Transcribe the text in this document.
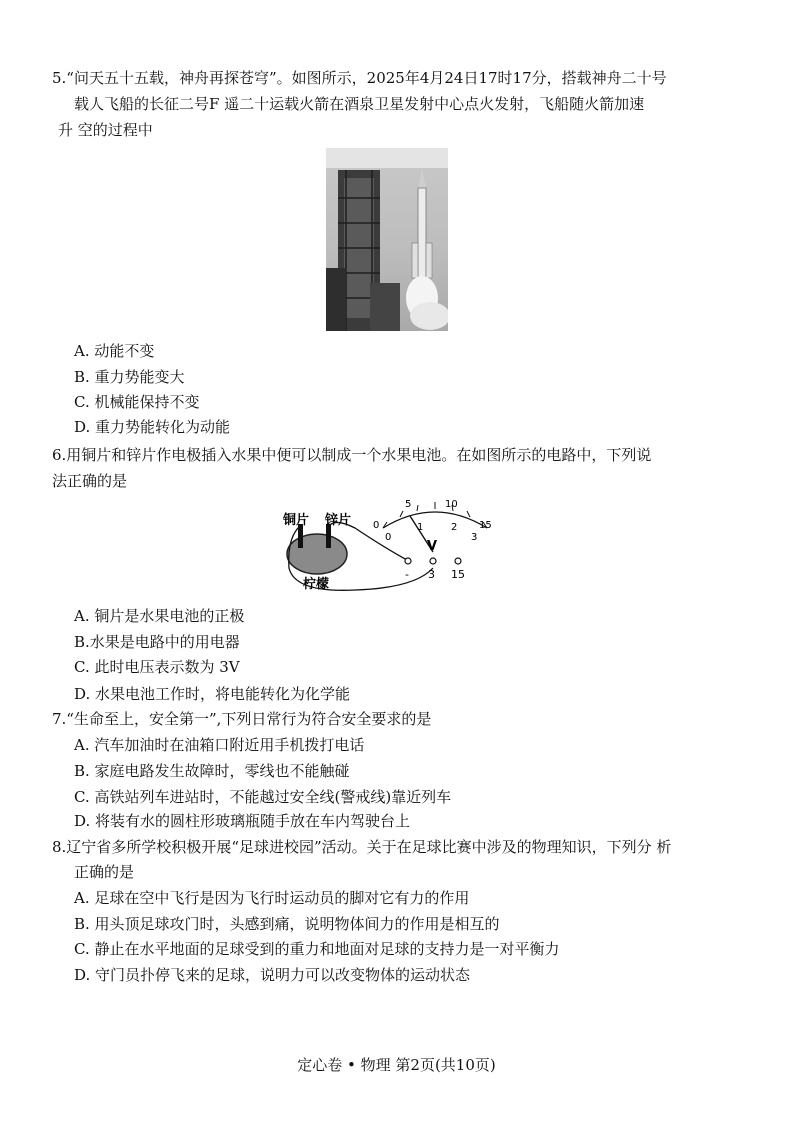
5.“问天五十五载，神舟再探苍穹”。如图所示，2025年4月24日17时17分，搭载神舟二十号
载人飞船的长征二号F 遥二十运载火箭在酒泉卫星发射中心点火发射，飞船随火箭加速
升 空的过程中
A. 动能不变
B. 重力势能变大
C. 机械能保持不变
D. 重力势能转化为动能
6.用铜片和锌片作电极插入水果中便可以制成一个水果电池。在如图所示的电路中，下列说
法正确的是
铜片 锌片
柠檬
- 3 15
V
0
5	10
15
0
1	2
3
A. 铜片是水果电池的正极
B.水果是电路中的用电器
C. 此时电压表示数为 3V
D. 水果电池工作时，将电能转化为化学能
7.“生命至上，安全第一”,下列日常行为符合安全要求的是
A. 汽车加油时在油箱口附近用手机拨打电话
B. 家庭电路发生故障时，零线也不能触碰
C. 高铁站列车进站时，不能越过安全线(警戒线)靠近列车
D. 将装有水的圆柱形玻璃瓶随手放在车内驾驶台上
8.辽宁省多所学校积极开展“足球进校园”活动。关于在足球比赛中涉及的物理知识，下列分 析
正确的是
A. 足球在空中飞行是因为飞行时运动员的脚对它有力的作用
B. 用头顶足球攻门时，头感到痛，说明物体间力的作用是相互的
C. 静止在水平地面的足球受到的重力和地面对足球的支持力是一对平衡力
D. 守门员扑停飞来的足球，说明力可以改变物体的运动状态
定心卷 • 物理 第2页(共10页)
